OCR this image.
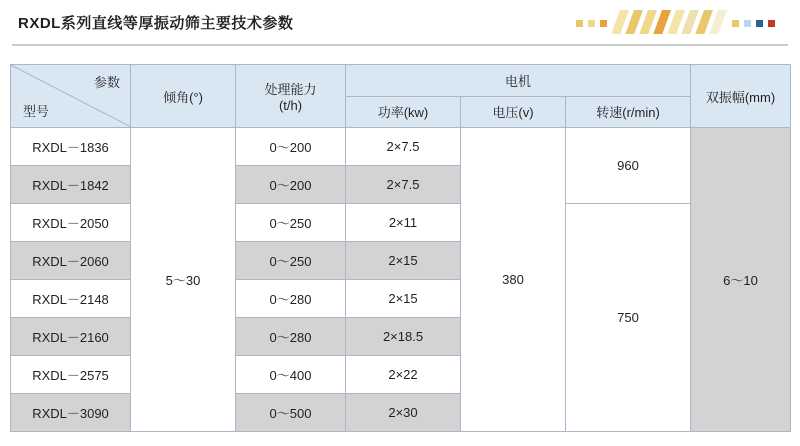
RXDL系列直线等厚振动筛主要技术参数
参数
型号
	倾角(°)	处理能力
(t/h)
	电机	双振幅(mm)
			功率(kw)	电压(v)	转速(r/min)	
RXDL－1836	5～30	0～200	2×7.5	380	960	6～10
RXDL－1842		0～200	2×7.5			
RXDL－2050		0～250	2×11		750	
RXDL－2060		0～250	2×15			
RXDL－2148		0～280	2×15			
RXDL－2160		0～280	2×18.5			
RXDL－2575		0～400	2×22			
RXDL－3090		0～500	2×30			
